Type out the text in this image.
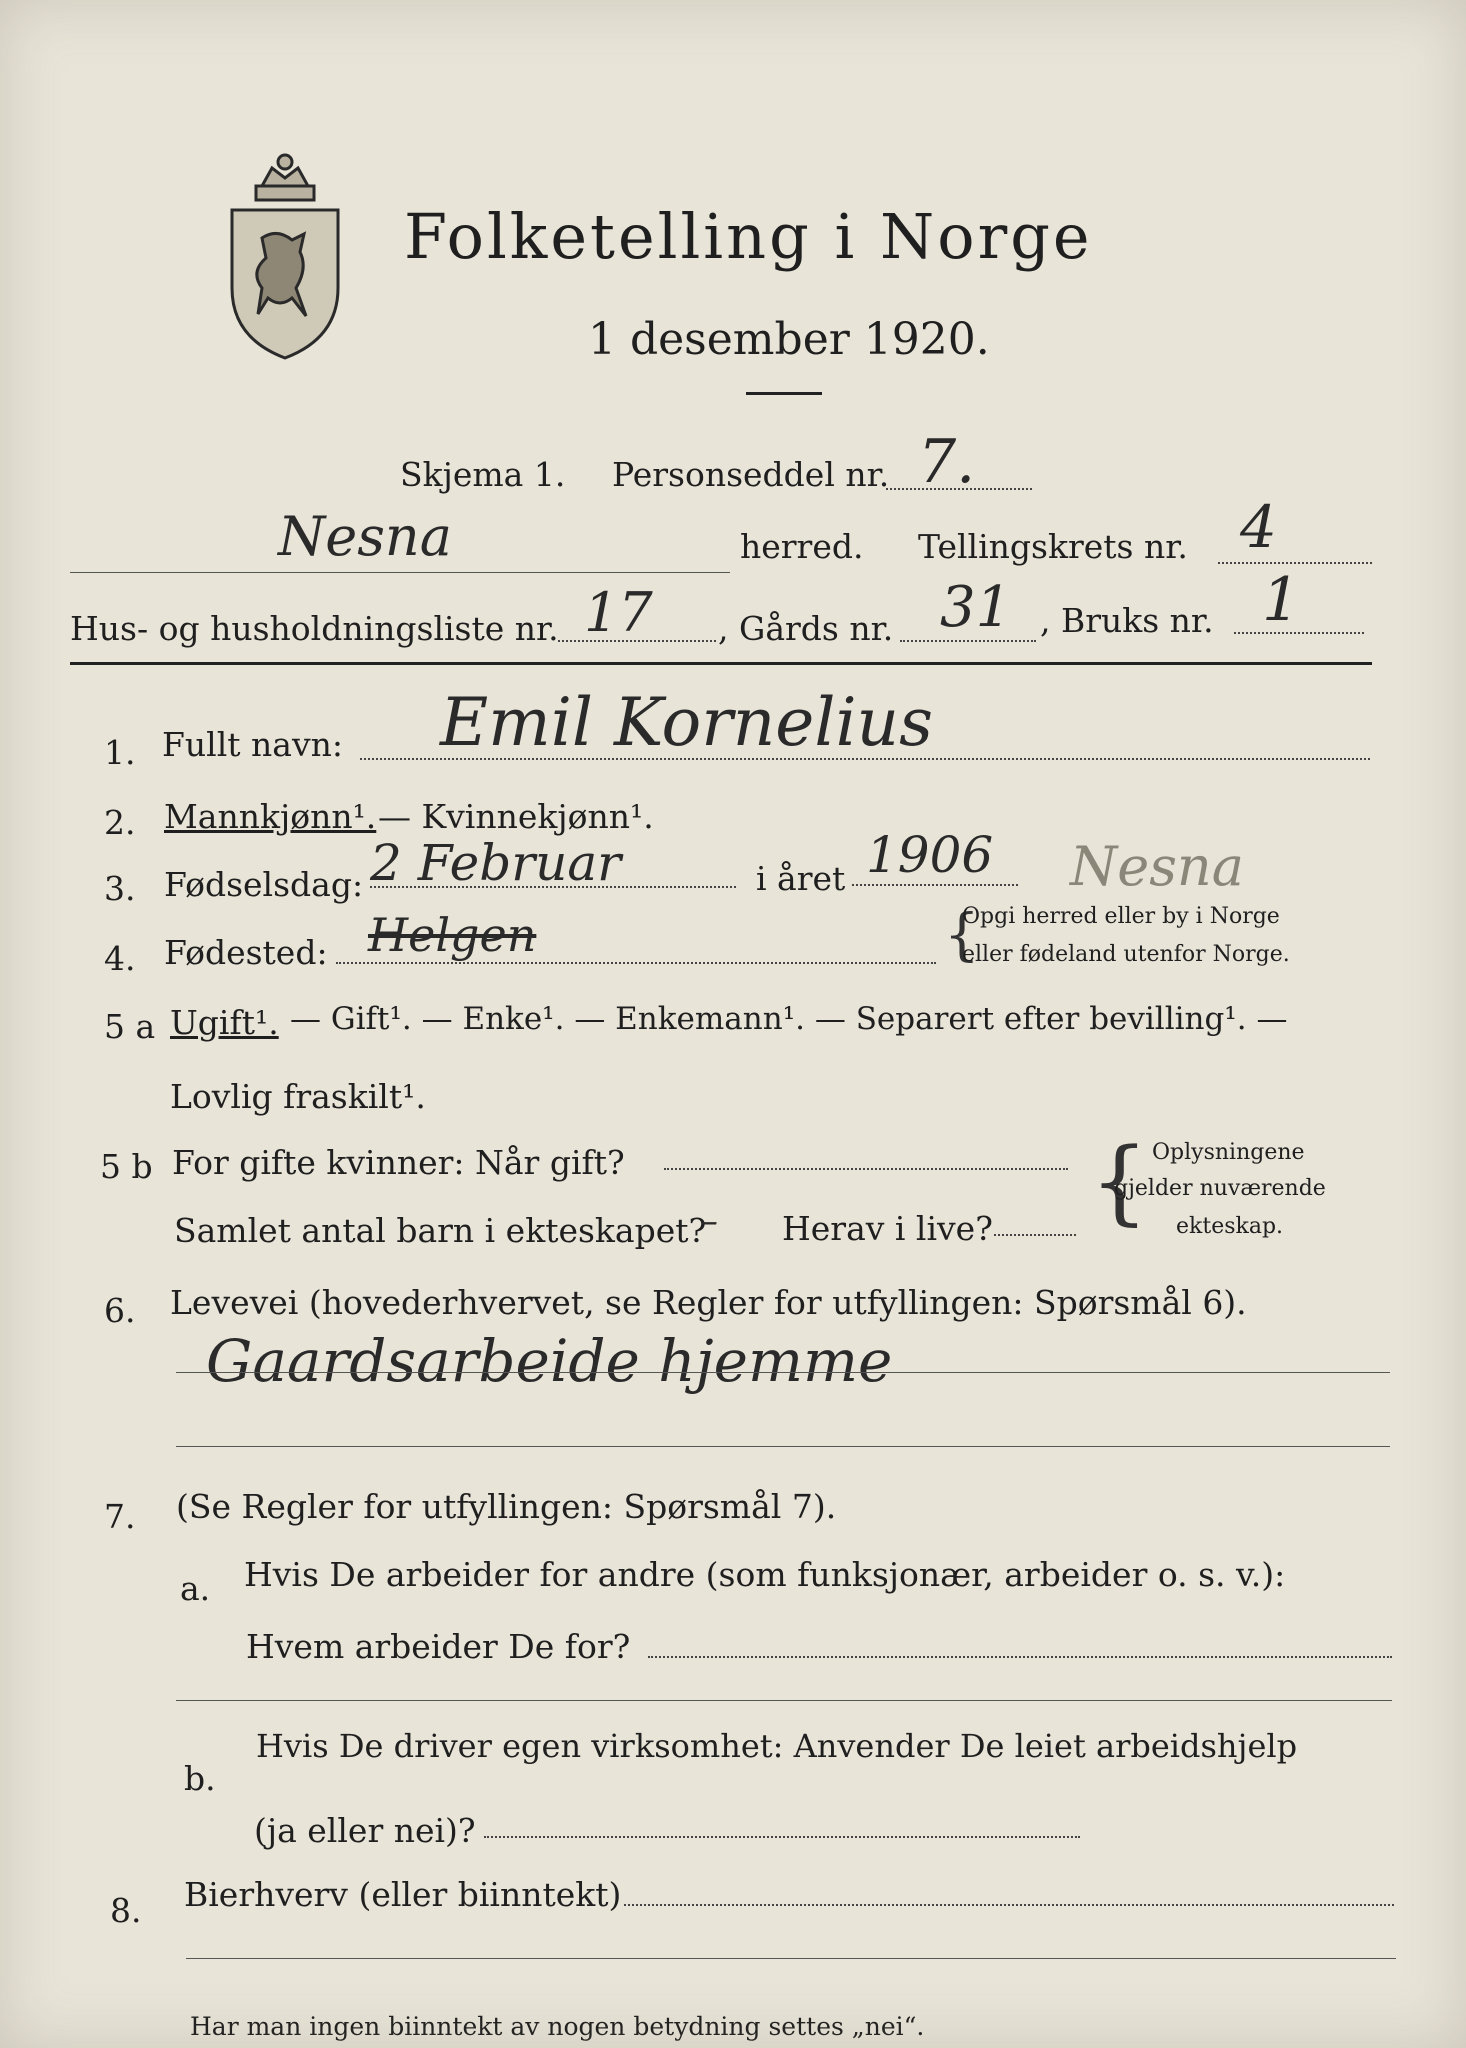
Folketelling i Norge
1 desember 1920.
Skjema 1. Personseddel nr. 7.
Nesna	herred. Tellingskrets nr. 4
Hus- og husholdningsliste nr. 17 , Gårds nr. 31 , Bruks nr. 1
1. Fullt navn: Emil Kornelius
2. Mannkjønn¹. — Kvinnekjønn¹.
3. Fødselsdag: 2 Februar	i året 1906 Nesna
4. Fødested: Helgen	{
Opgi herred eller by i Norge
eller fødeland utenfor Norge.
5 a Ugift¹. — Gift¹. — Enke¹. — Enkemann¹. — Separert efter bevilling¹. —
Lovlig fraskilt¹.
5 b For gifte kvinner: Når gift?
Samlet antal barn i ekteskapet?
– Herav i live? { Oplysningene
gjelder nuværende
ekteskap.
6. Levevei (hovederhvervet, se Regler for utfyllingen: Spørsmål 6).
Gaardsarbeide hjemme
7. (Se Regler for utfyllingen: Spørsmål 7).
a. Hvis De arbeider for andre (som funksjonær, arbeider o. s. v.):
Hvem arbeider De for?
b.
Hvis De driver egen virksomhet: Anvender De leiet arbeidshjelp
(ja eller nei)?
8. Bierhverv (eller biinntekt)
Har man ingen biinntekt av nogen betydning settes „nei“.
